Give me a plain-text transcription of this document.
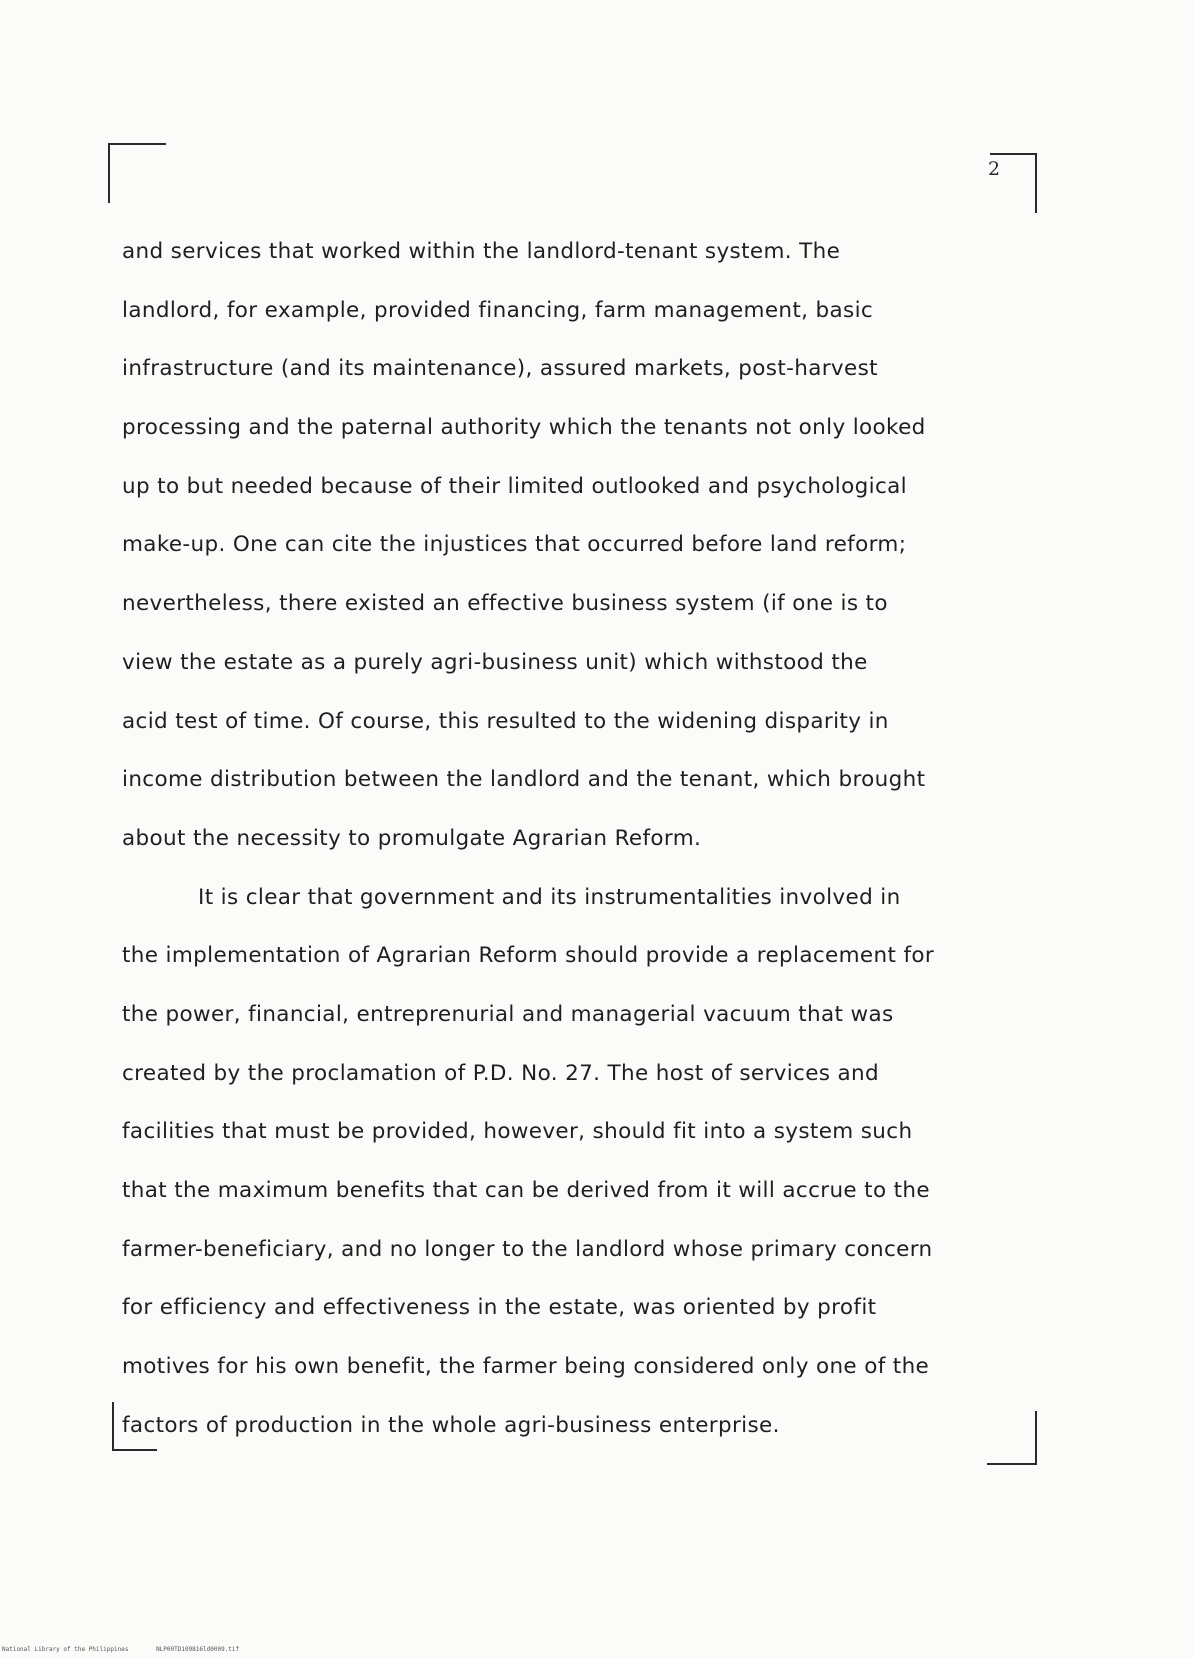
2
and services that worked within the landlord-tenant system. The
landlord, for example, provided financing, farm management, basic
infrastructure (and its maintenance), assured markets, post-harvest
processing and the paternal authority which the tenants not only looked
up to but needed because of their limited outlooked and psychological
make-up. One can cite the injustices that occurred before land reform;
nevertheless, there existed an effective business system (if one is to
view the estate as a purely agri-business unit) which withstood the
acid test of time. Of course, this resulted to the widening disparity in
income distribution between the landlord and the tenant, which brought
about the necessity to promulgate Agrarian Reform.
It is clear that government and its instrumentalities involved in
the implementation of Agrarian Reform should provide a replacement for
the power, financial, entreprenurial and managerial vacuum that was
created by the proclamation of P.D. No. 27. The host of services and
facilities that must be provided, however, should fit into a system such
that the maximum benefits that can be derived from it will accrue to the
farmer-beneficiary, and no longer to the landlord whose primary concern
for efficiency and effectiveness in the estate, was oriented by profit
motives for his own benefit, the farmer being considered only one of the
factors of production in the whole agri-business enterprise.
National Library of the Philippines	NLP00TD109816ld0009.tif
